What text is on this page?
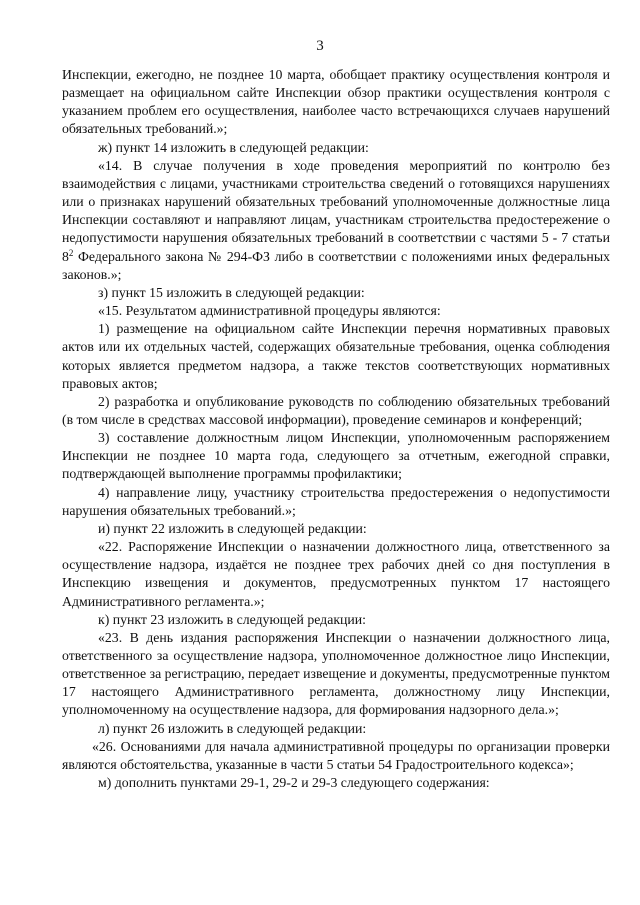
3

Инспекции, ежегодно, не позднее 10 марта, обобщает практику осуществления контроля и размещает на официальном сайте Инспекции обзор практики осуществления контроля с указанием проблем его осуществления, наиболее часто встречающихся случаев нарушений обязательных требований.»;

ж) пункт 14 изложить в следующей редакции:

«14. В случае получения в ходе проведения мероприятий по контролю без взаимодействия с лицами, участниками строительства сведений о готовящихся нарушениях или о признаках нарушений обязательных требований уполномоченные должностные лица Инспекции составляют и направляют лицам, участникам строительства предостережение о недопустимости нарушения обязательных требований в соответствии с частями 5 - 7 статьи $8^2$ Федерального закона № 294-ФЗ либо в соответствии с положениями иных федеральных законов.»;

з) пункт 15 изложить в следующей редакции:

«15. Результатом административной процедуры являются:

1) размещение на официальном сайте Инспекции перечня нормативных правовых актов или их отдельных частей, содержащих обязательные требования, оценка соблюдения которых является предметом надзора, а также текстов соответствующих нормативных правовых актов;

2) разработка и опубликование руководств по соблюдению обязательных требований (в том числе в средствах массовой информации), проведение семинаров и конференций;

3) составление должностным лицом Инспекции, уполномоченным распоряжением Инспекции не позднее 10 марта года, следующего за отчетным, ежегодной справки, подтверждающей выполнение программы профилактики;

4) направление лицу, участнику строительства предостережения о недопустимости нарушения обязательных требований.»;

и) пункт 22 изложить в следующей редакции:

«22. Распоряжение Инспекции о назначении должностного лица, ответственного за осуществление надзора, издаётся не позднее трех рабочих дней со дня поступления в Инспекцию извещения и документов, предусмотренных пунктом 17 настоящего Административного регламента.»;

к) пункт 23 изложить в следующей редакции:

«23. В день издания распоряжения Инспекции о назначении должностного лица, ответственного за осуществление надзора, уполномоченное должностное лицо Инспекции, ответственное за регистрацию, передает извещение и документы, предусмотренные пунктом 17 настоящего Административного регламента, должностному лицу Инспекции, уполномоченному на осуществление надзора, для формирования надзорного дела.»;

л) пункт 26 изложить в следующей редакции:

«26. Основаниями для начала административной процедуры по организации проверки являются обстоятельства, указанные в части 5 статьи 54 Градостроительного кодекса»;

м) дополнить пунктами 29-1, 29-2 и 29-3 следующего содержания:
